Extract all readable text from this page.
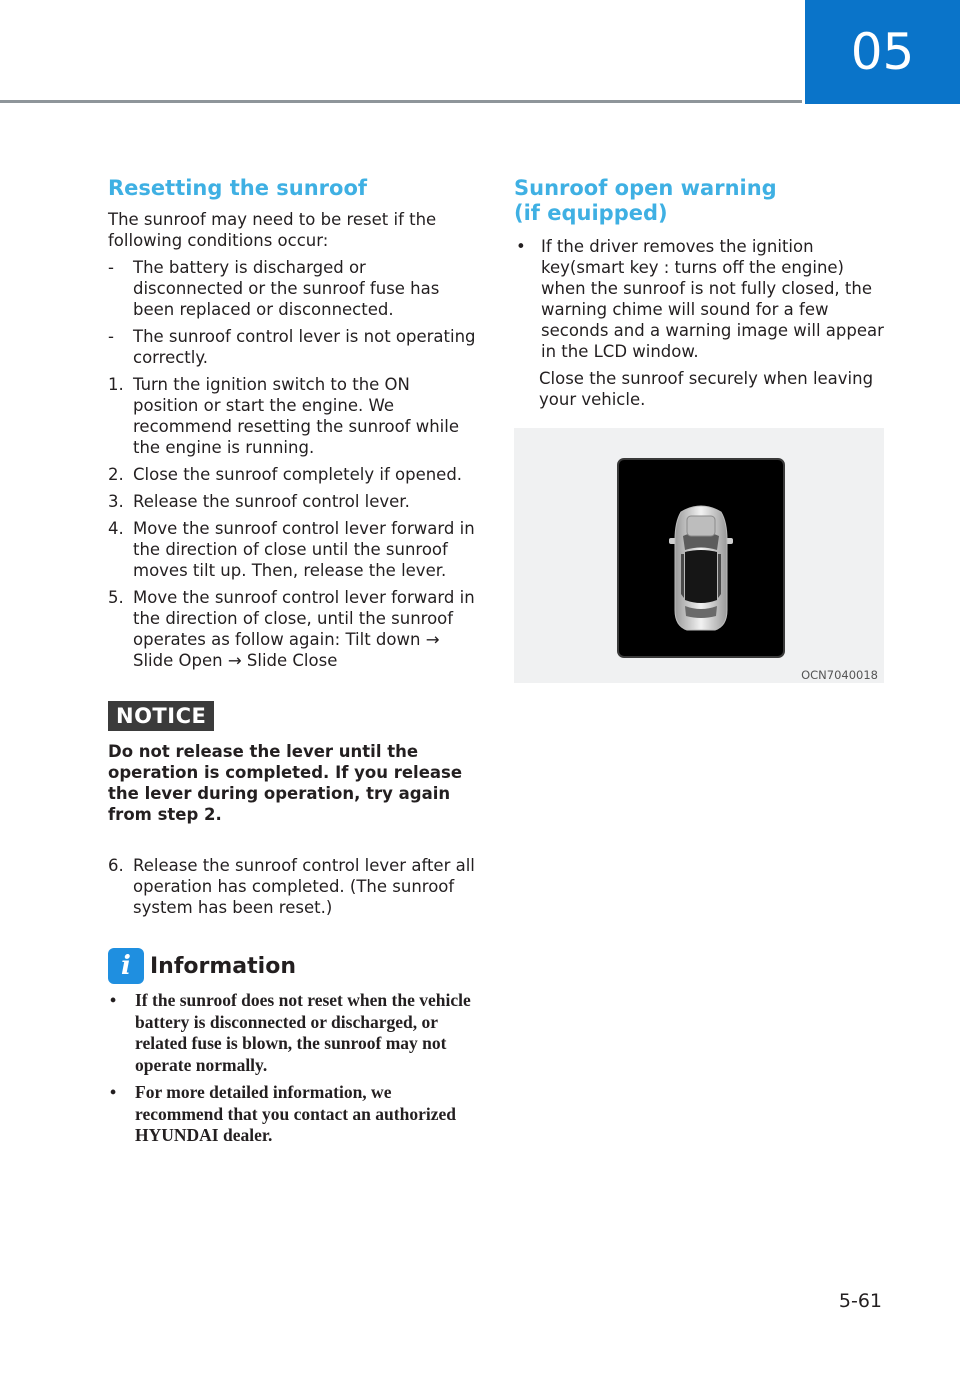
05
Resetting the sunroof

The sunroof may need to be reset if the following conditions occur:

-	The battery is discharged or disconnected or the sunroof fuse has been replaced or disconnected.
-	The sunroof control lever is not operating correctly.
1. Turn the ignition switch to the ON position or start the engine. We recommend resetting the sunroof while the engine is running.
2. Close the sunroof completely if opened.
3. Release the sunroof control lever.
4. Move the sunroof control lever forward in the direction of close until the sunroof moves tilt up. Then, release the lever.
5. Move the sunroof control lever forward in the direction of close, until the sunroof operates as follow again: Tilt down → Slide Open → Slide Close
NOTICE
Do not release the lever until the operation is completed. If you release the lever during operation, try again from step 2.
6. Release the sunroof control lever after all operation has completed. (The sunroof system has been reset.)
i Information
•	If the sunroof does not reset when the vehicle battery is disconnected or discharged, or related fuse is blown, the sunroof may not operate normally.
•	For more detailed information, we recommend that you contact an authorized HYUNDAI dealer.
Sunroof open warning
(if equipped)
• If the driver removes the ignition key(smart key : turns off the engine) when the sunroof is not fully closed, the warning chime will sound for a few seconds and a warning image will appear in the LCD window.
Close the sunroof securely when leaving your vehicle.
OCN7040018
5-61
